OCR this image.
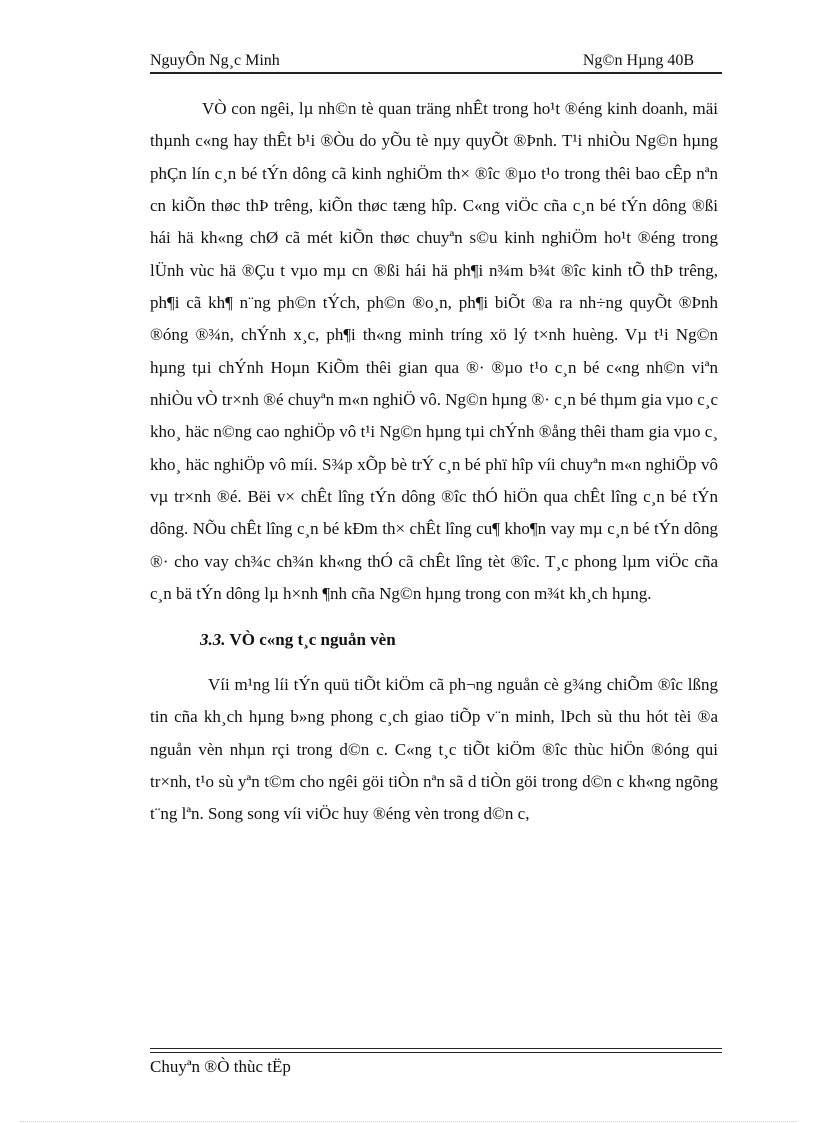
NguyÔn Ng¸c Minh	Ng©n Hµng 40B

VÒ con ngêi, lµ nh©n tè quan träng nhÊt trong ho¹t ®éng kinh doanh, mäi thµnh c«ng hay thÊt b¹i ®Òu do yÕu tè nµy quyÕt ®Þnh. T¹i nhiÒu Ng©n hµng phÇn lín c¸n bé tÝn dông cã kinh nghiÖm th× ®îc ®µo t¹o trong thêi bao cÊp nªn cn kiÕn thøc thÞ trêng, kiÕn thøc tæng hîp. C«ng viÖc cña c¸n bé tÝn dông ®ßi hái hä kh«ng chØ cã mét kiÕn thøc chuyªn s©u kinh nghiÖm ho¹t ®éng trong lÜnh vùc hä ®Çu t vµo mµ cn ®ßi hái hä ph¶i n¾m b¾t ®îc kinh tÕ thÞ trêng, ph¶i cã kh¶ n¨ng ph©n tÝch, ph©n ®o¸n, ph¶i biÕt ®a ra nh÷ng quyÕt ®Þnh ®óng ®¾n, chÝnh x¸c, ph¶i th«ng minh tríng xö lý t×nh huèng. Vµ t¹i Ng©n hµng tµi chÝnh Hoµn KiÕm thêi gian qua ®· ®µo t¹o c¸n bé c«ng nh©n viªn nhiÒu vÒ tr×nh ®é chuyªn m«n nghiÖ vô. Ng©n hµng ®· c¸n bé thµm gia vµo c¸c kho¸ häc n©ng cao nghiÖp vô t¹i Ng©n hµng tµi chÝnh ®ång thêi tham gia vµo c¸ kho¸ häc nghiÖp vô míi. S¾p xÕp bè trÝ c¸n bé phï hîp víi chuyªn m«n nghiÖp vô vµ tr×nh ®é. Bëi v× chÊt lîng tÝn dông ®îc thÓ hiÖn qua chÊt lîng c¸n bé tÝn dông. NÕu chÊt lîng c¸n bé kÐm th× chÊt lîng cu¶ kho¶n vay mµ c¸n bé tÝn dông ®· cho vay ch¾c ch¾n kh«ng thÓ cã chÊt lîng tèt ®îc. T¸c phong lµm viÖc cña c¸n bä tÝn dông lµ h×nh ¶nh cña Ng©n hµng trong con m¾t kh¸ch hµng.

3.3. VÒ c«ng t¸c nguån vèn

Víi m¹ng líi tÝn quü tiÕt kiÖm cã ph¬ng nguån cè g¾ng chiÕm ®îc lßng tin cña kh¸ch hµng b»ng phong c¸ch giao tiÕp v¨n minh, lÞch sù thu hót tèi ®a nguån vèn nhµn rçi trong d©n c. C«ng t¸c tiÕt kiÖm ®îc thùc hiÖn ®óng qui tr×nh, t¹o sù yªn t©m cho ngêi göi tiÒn nªn sã d tiÒn göi trong d©n c kh«ng ngõng t¨ng lªn. Song song víi viÖc huy ®éng vèn trong d©n c,

Chuyªn ®Ò thùc tËp
